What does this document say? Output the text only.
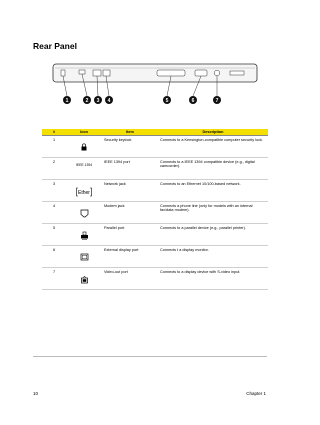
Rear Panel
1	2 3 4	5	6	7
#	Icon	Item	Description
1		Security keylock	Connects to a Kensington-compatible computer security lock.
2	IEEE 1394	IEEE 1394 port	Connects to a IEEE 1394 compatible device (e.g., digital camcorder).
3	Ether	Network jack	Connects to an Ethernet 10/100-based network.
4		Modem jack	Connects a phone line (only for models with an internal fax/data modem).
5		Parallel port	Connects to a parallel device (e.g., parallel printer).
6		External display port	Connects t a display monitor.
7		Video-out port	Connects to a display device with S-video input.
10	Chapter 1
